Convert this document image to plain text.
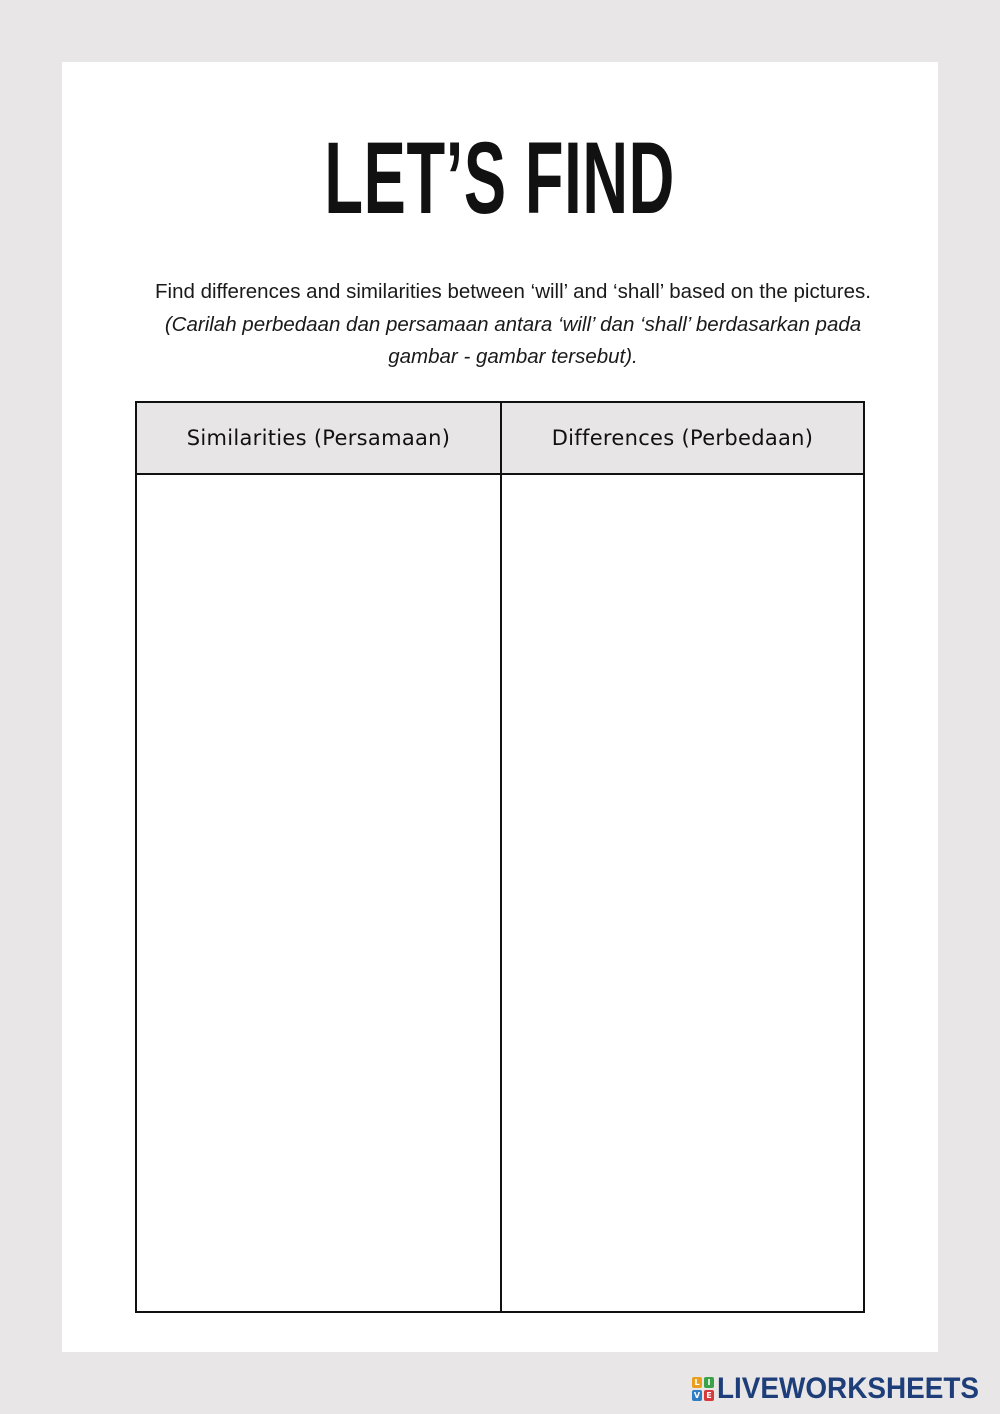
LET’S FIND

Find differences and similarities between ‘will’ and ‘shall’ based on the pictures. (Carilah perbedaan dan persamaan antara ‘will’ dan ‘shall’ berdasarkan pada gambar - gambar tersebut).

Similarities (Persamaan)	Differences (Perbedaan)
L I
V E LIVEWORKSHEETS
